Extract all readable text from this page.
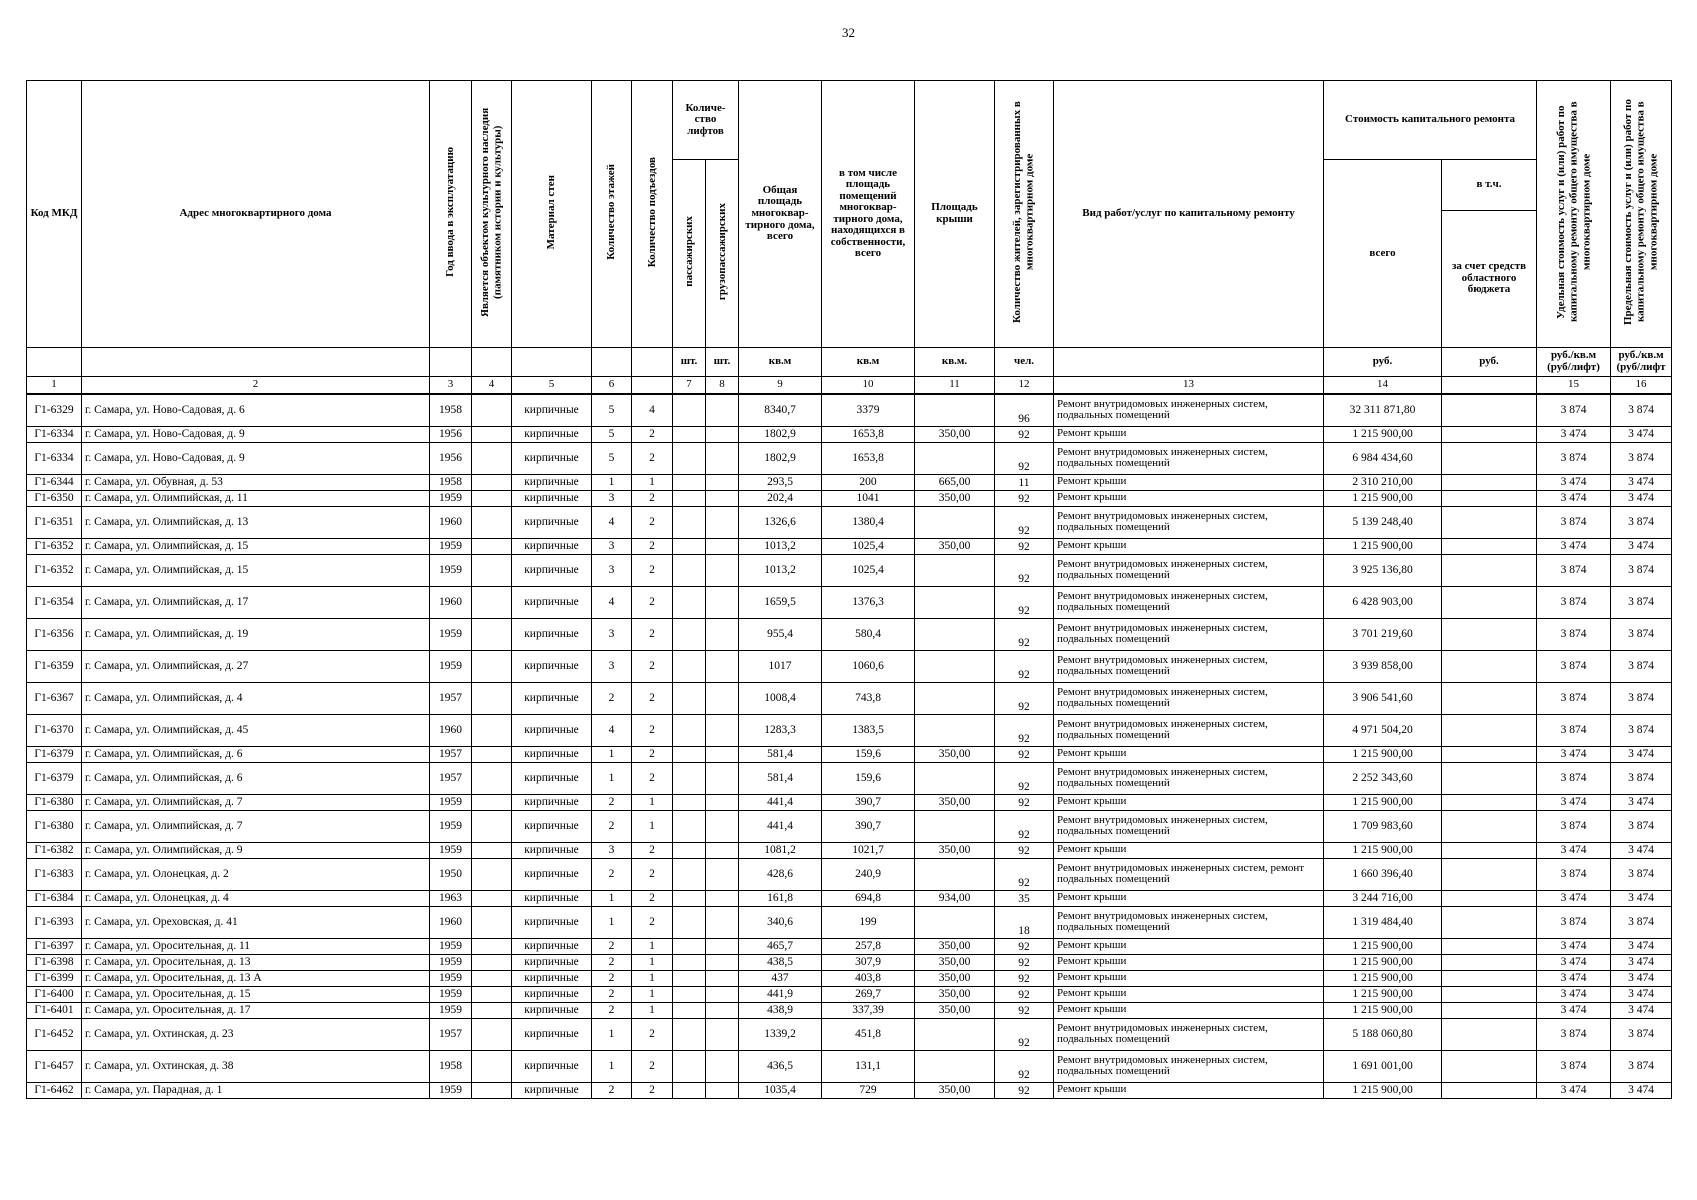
32
Код МКД	Адрес многоквартирного дома	Год ввода в эксплуатацию	Является объектом культурного наследия (памятником истории и культуры)	Материал стен	Количество этажей	Количество подъездов	Количе-ство лифтов		Общая площадь многоквар-тирного дома, всего	в том числе площадь помещений многоквар-тирного дома, находящихся в собственности, всего	Площадь крыши	Количество жителей, зарегистрированных в многоквартирном доме	Вид работ/услуг по капитальному ремонту	Стоимость капитального ремонта		Удельная стоимость услуг и (или) работ по капитальному ремонту общего имущества в многоквартирном доме	Предельная стоимость услуг и (или) работ по капитальному ремонту общего имущества в многоквартирном доме
							пассажирских	грузопассажирских						всего	в т.ч.		
															за счет средств областного бюджета		
							шт.	шт.	кв.м	кв.м	кв.м.	чел.		руб.	руб.	руб./кв.м (руб/лифт)	руб./кв.м (руб/лифт
1	2	3	4	5	6		7	8	9	10	11	12	13	14		15	16
Г1-6329	г. Самара, ул. Ново-Садовая, д. 6	1958		кирпичные	5	4			8340,7	3379		96	Ремонт внутридомовых инженерных систем, подвальных помещений	32 311 871,80		3 874	3 874
Г1-6334	г. Самара, ул. Ново-Садовая, д. 9	1956		кирпичные	5	2			1802,9	1653,8	350,00	92	Ремонт крыши	1 215 900,00		3 474	3 474
Г1-6334	г. Самара, ул. Ново-Садовая, д. 9	1956		кирпичные	5	2			1802,9	1653,8		92	Ремонт внутридомовых инженерных систем, подвальных помещений	6 984 434,60		3 874	3 874
Г1-6344	г. Самара, ул. Обувная, д. 53	1958		кирпичные	1	1			293,5	200	665,00	11	Ремонт крыши	2 310 210,00		3 474	3 474
Г1-6350	г. Самара, ул. Олимпийская, д. 11	1959		кирпичные	3	2			202,4	1041	350,00	92	Ремонт крыши	1 215 900,00		3 474	3 474
Г1-6351	г. Самара, ул. Олимпийская, д. 13	1960		кирпичные	4	2			1326,6	1380,4		92	Ремонт внутридомовых инженерных систем, подвальных помещений	5 139 248,40		3 874	3 874
Г1-6352	г. Самара, ул. Олимпийская, д. 15	1959		кирпичные	3	2			1013,2	1025,4	350,00	92	Ремонт крыши	1 215 900,00		3 474	3 474
Г1-6352	г. Самара, ул. Олимпийская, д. 15	1959		кирпичные	3	2			1013,2	1025,4		92	Ремонт внутридомовых инженерных систем, подвальных помещений	3 925 136,80		3 874	3 874
Г1-6354	г. Самара, ул. Олимпийская, д. 17	1960		кирпичные	4	2			1659,5	1376,3		92	Ремонт внутридомовых инженерных систем, подвальных помещений	6 428 903,00		3 874	3 874
Г1-6356	г. Самара, ул. Олимпийская, д. 19	1959		кирпичные	3	2			955,4	580,4		92	Ремонт внутридомовых инженерных систем, подвальных помещений	3 701 219,60		3 874	3 874
Г1-6359	г. Самара, ул. Олимпийская, д. 27	1959		кирпичные	3	2			1017	1060,6		92	Ремонт внутридомовых инженерных систем, подвальных помещений	3 939 858,00		3 874	3 874
Г1-6367	г. Самара, ул. Олимпийская, д. 4	1957		кирпичные	2	2			1008,4	743,8		92	Ремонт внутридомовых инженерных систем, подвальных помещений	3 906 541,60		3 874	3 874
Г1-6370	г. Самара, ул. Олимпийская, д. 45	1960		кирпичные	4	2			1283,3	1383,5		92	Ремонт внутридомовых инженерных систем, подвальных помещений	4 971 504,20		3 874	3 874
Г1-6379	г. Самара, ул. Олимпийская, д. 6	1957		кирпичные	1	2			581,4	159,6	350,00	92	Ремонт крыши	1 215 900,00		3 474	3 474
Г1-6379	г. Самара, ул. Олимпийская, д. 6	1957		кирпичные	1	2			581,4	159,6		92	Ремонт внутридомовых инженерных систем, подвальных помещений	2 252 343,60		3 874	3 874
Г1-6380	г. Самара, ул. Олимпийская, д. 7	1959		кирпичные	2	1			441,4	390,7	350,00	92	Ремонт крыши	1 215 900,00		3 474	3 474
Г1-6380	г. Самара, ул. Олимпийская, д. 7	1959		кирпичные	2	1			441,4	390,7		92	Ремонт внутридомовых инженерных систем, подвальных помещений	1 709 983,60		3 874	3 874
Г1-6382	г. Самара, ул. Олимпийская, д. 9	1959		кирпичные	3	2			1081,2	1021,7	350,00	92	Ремонт крыши	1 215 900,00		3 474	3 474
Г1-6383	г. Самара, ул. Олонецкая, д. 2	1950		кирпичные	2	2			428,6	240,9		92	Ремонт внутридомовых инженерных систем, ремонт подвальных помещений	1 660 396,40		3 874	3 874
Г1-6384	г. Самара, ул. Олонецкая, д. 4	1963		кирпичные	1	2			161,8	694,8	934,00	35	Ремонт крыши	3 244 716,00		3 474	3 474
Г1-6393	г. Самара, ул. Ореховская, д. 41	1960		кирпичные	1	2			340,6	199		18	Ремонт внутридомовых инженерных систем, подвальных помещений	1 319 484,40		3 874	3 874
Г1-6397	г. Самара, ул. Оросительная, д. 11	1959		кирпичные	2	1			465,7	257,8	350,00	92	Ремонт крыши	1 215 900,00		3 474	3 474
Г1-6398	г. Самара, ул. Оросительная, д. 13	1959		кирпичные	2	1			438,5	307,9	350,00	92	Ремонт крыши	1 215 900,00		3 474	3 474
Г1-6399	г. Самара, ул. Оросительная, д. 13 А	1959		кирпичные	2	1			437	403,8	350,00	92	Ремонт крыши	1 215 900,00		3 474	3 474
Г1-6400	г. Самара, ул. Оросительная, д. 15	1959		кирпичные	2	1			441,9	269,7	350,00	92	Ремонт крыши	1 215 900,00		3 474	3 474
Г1-6401	г. Самара, ул. Оросительная, д. 17	1959		кирпичные	2	1			438,9	337,39	350,00	92	Ремонт крыши	1 215 900,00		3 474	3 474
Г1-6452	г. Самара, ул. Охтинская, д. 23	1957		кирпичные	1	2			1339,2	451,8		92	Ремонт внутридомовых инженерных систем, подвальных помещений	5 188 060,80		3 874	3 874
Г1-6457	г. Самара, ул. Охтинская, д. 38	1958		кирпичные	1	2			436,5	131,1		92	Ремонт внутридомовых инженерных систем, подвальных помещений	1 691 001,00		3 874	3 874
Г1-6462	г. Самара, ул. Парадная, д. 1	1959		кирпичные	2	2			1035,4	729	350,00	92	Ремонт крыши	1 215 900,00		3 474	3 474
